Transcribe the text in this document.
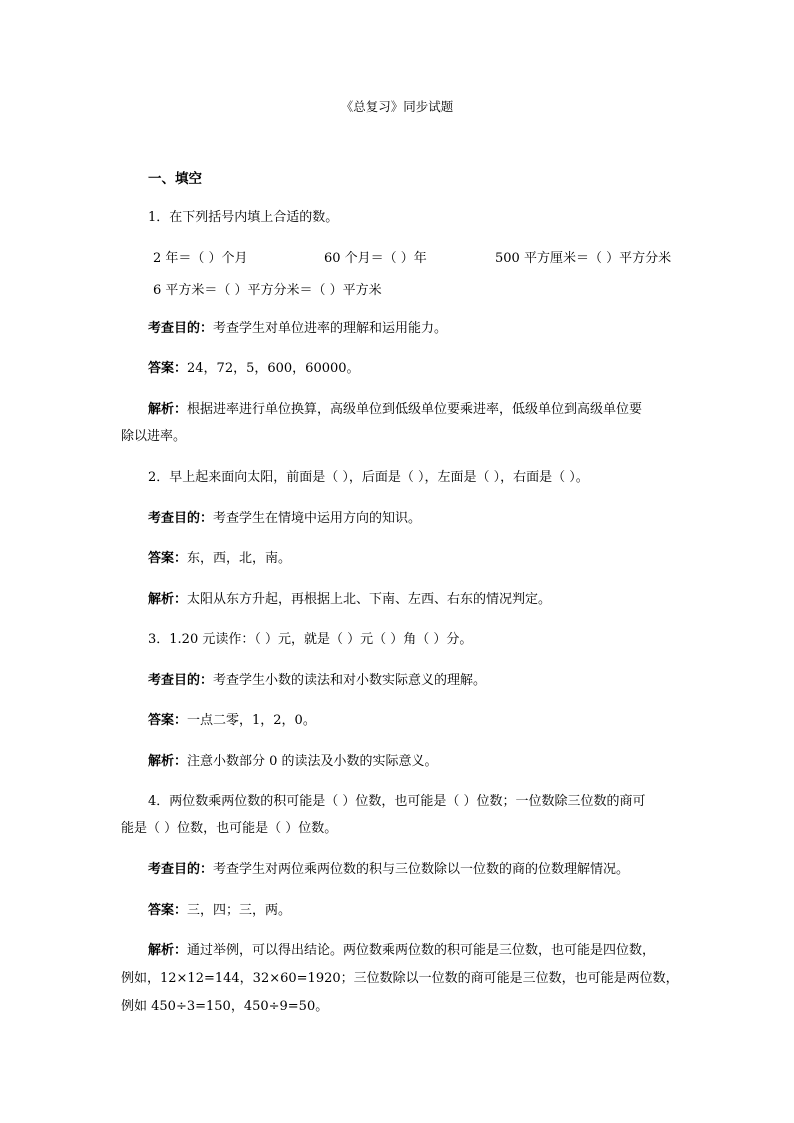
《总复习》同步试题
一、填空
1．在下列括号内填上合适的数。
2 年＝（ ）个月	60 个月＝（ ）年	500 平方厘米＝（ ）平方分米
6 平方米＝（ ）平方分米＝（ ）平方米
考查目的：考查学生对单位进率的理解和运用能力。
答案：24，72，5，600，60000。
解析：根据进率进行单位换算，高级单位到低级单位要乘进率，低级单位到高级单位要
除以进率。
2．早上起来面向太阳，前面是（ ），后面是（ ），左面是（ ），右面是（ ）。
考查目的：考查学生在情境中运用方向的知识。
答案：东，西，北，南。
解析：太阳从东方升起，再根据上北、下南、左西、右东的情况判定。
3．1.20 元读作：（ ）元，就是（ ）元（ ）角（ ）分。
考查目的：考查学生小数的读法和对小数实际意义的理解。
答案：一点二零，1，2，0。
解析：注意小数部分 0 的读法及小数的实际意义。
4．两位数乘两位数的积可能是（ ）位数，也可能是（ ）位数；一位数除三位数的商可
能是（ ）位数，也可能是（ ）位数。
考查目的：考查学生对两位乘两位数的积与三位数除以一位数的商的位数理解情况。
答案：三，四；三，两。
解析：通过举例，可以得出结论。两位数乘两位数的积可能是三位数，也可能是四位数，
例如，12×12=144，32×60=1920；三位数除以一位数的商可能是三位数，也可能是两位数，
例如 450÷3=150，450÷9=50。
